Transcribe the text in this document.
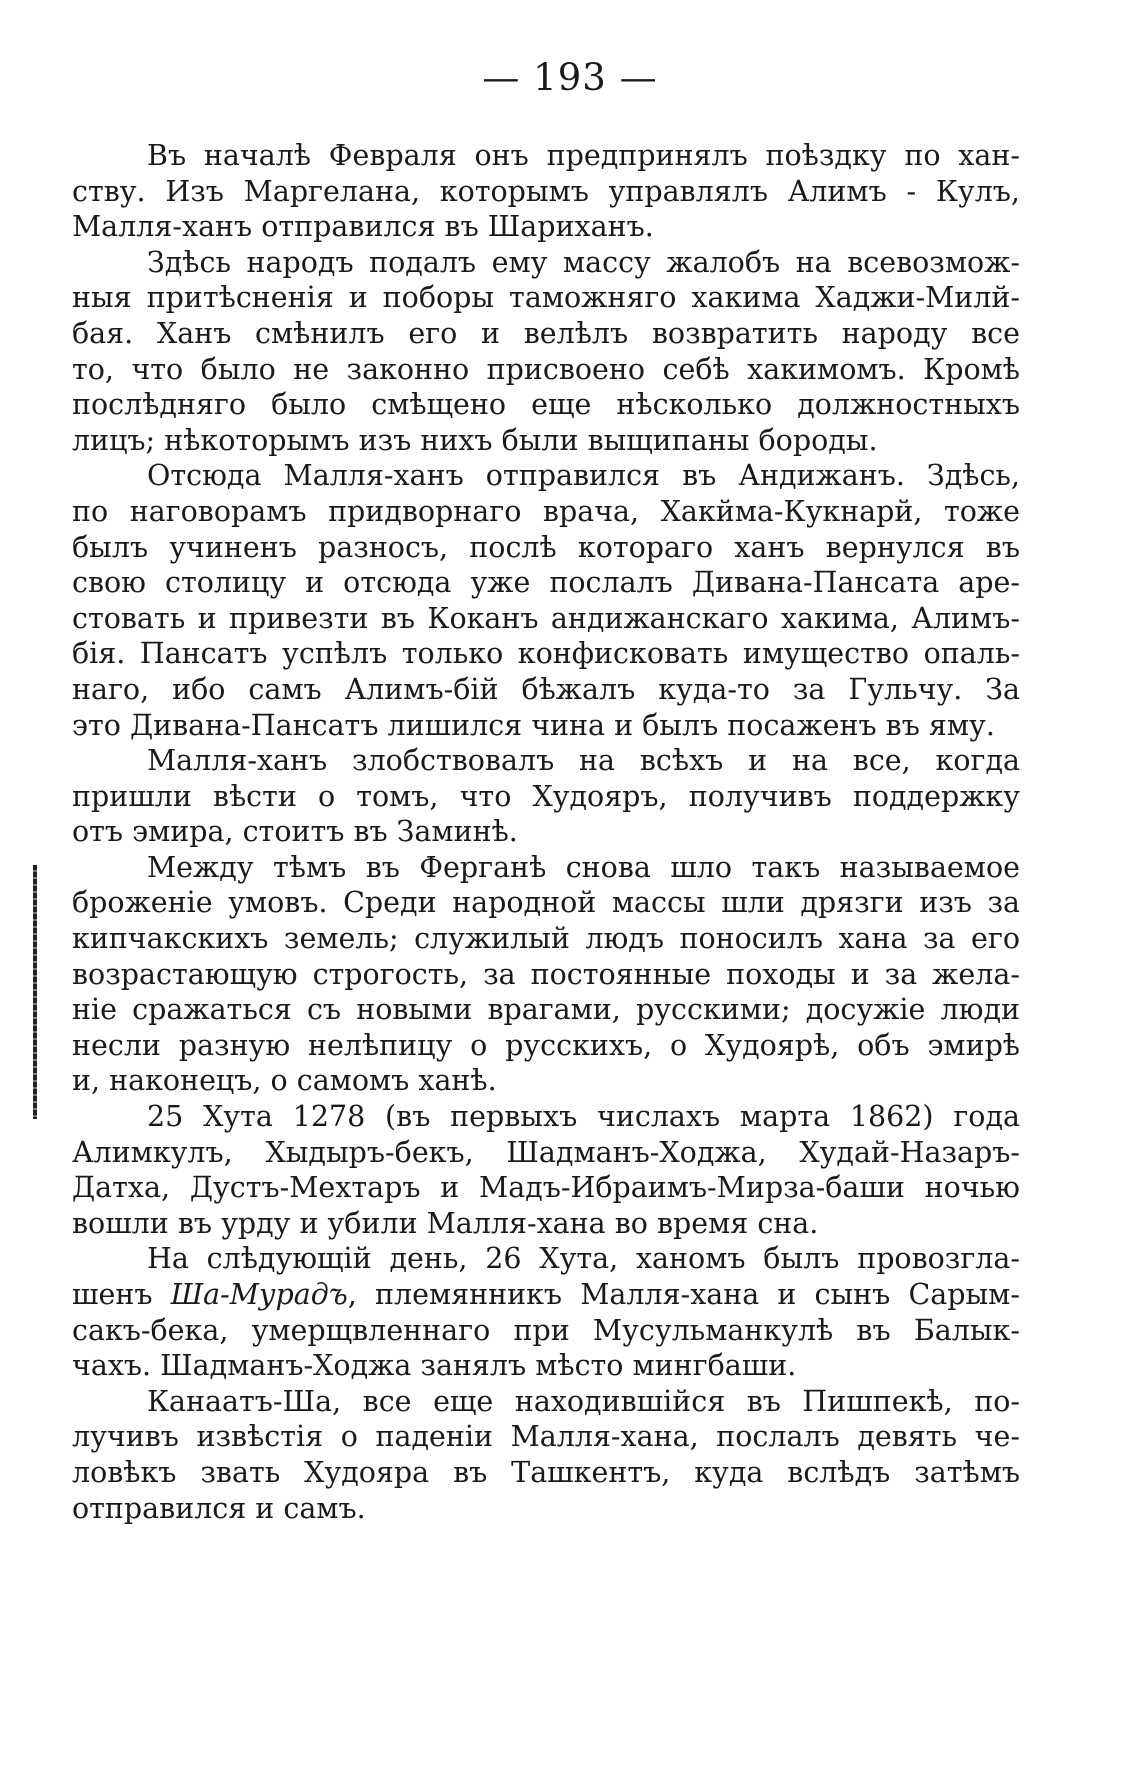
— 193 —
Въ началѣ Февраля онъ предпринялъ поѣздку по хан-
ству. Изъ Маргелана, которымъ управлялъ Алимъ - Кулъ,
Малля-ханъ отправился въ Шариханъ.
Здѣсь народъ подалъ ему массу жалобъ на всевозмож-
ныя притѣсненія и поборы таможняго хакима Хаджи-Милй-
бая. Ханъ смѣнилъ его и велѣлъ возвратить народу все
то, что было не законно присвоено себѣ хакимомъ. Кромѣ
послѣдняго было смѣщено еще нѣсколько должностныхъ
лицъ; нѣкоторымъ изъ нихъ были выщипаны бороды.
Отсюда Малля-ханъ отправился въ Андижанъ. Здѣсь,
по наговорамъ придворнаго врача, Хакйма-Кукнарй, тоже
былъ учиненъ разносъ, послѣ котораго ханъ вернулся въ
свою столицу и отсюда уже послалъ Дивана-Пансата аре-
стовать и привезти въ Коканъ андижанскаго хакима, Алимъ-
бія. Пансатъ успѣлъ только конфисковать имущество опаль-
наго, ибо самъ Алимъ-бій бѣжалъ куда-то за Гульчу. За
это Дивана-Пансатъ лишился чина и былъ посаженъ въ яму.
Малля-ханъ злобствовалъ на всѣхъ и на все, когда
пришли вѣсти о томъ, что Худояръ, получивъ поддержку
отъ эмира, стоитъ въ Заминѣ.
Между тѣмъ въ Ферганѣ снова шло такъ называемое
броженіе умовъ. Среди народной массы шли дрязги изъ за
кипчакскихъ земель; служилый людъ поносилъ хана за его
возрастающую строгость, за постоянные походы и за жела-
ніе сражаться съ новыми врагами, русскими; досужіе люди
несли разную нелѣпицу о русскихъ, о Худоярѣ, объ эмирѣ
и, наконецъ, о самомъ ханѣ.
25 Хута 1278 (въ первыхъ числахъ марта 1862) года
Алимкулъ, Хыдыръ-бекъ, Шадманъ-Ходжа, Худай-Назаръ-
Датха, Дустъ-Мехтаръ и Мадъ-Ибраимъ-Мирза-баши ночью
вошли въ урду и убили Малля-хана во время сна.
На слѣдующій день, 26 Хута, ханомъ былъ провозгла-
шенъ Ша-Мурадъ, племянникъ Малля-хана и сынъ Сарым-
сакъ-бека, умерщвленнаго при Мусульманкулѣ въ Балык-
чахъ. Шадманъ-Ходжа занялъ мѣсто мингбаши.
Канаатъ-Ша, все еще находившійся въ Пишпекѣ, по-
лучивъ извѣстія о паденіи Малля-хана, послалъ девять че-
ловѣкъ звать Худояра въ Ташкентъ, куда вслѣдъ затѣмъ
отправился и самъ.
